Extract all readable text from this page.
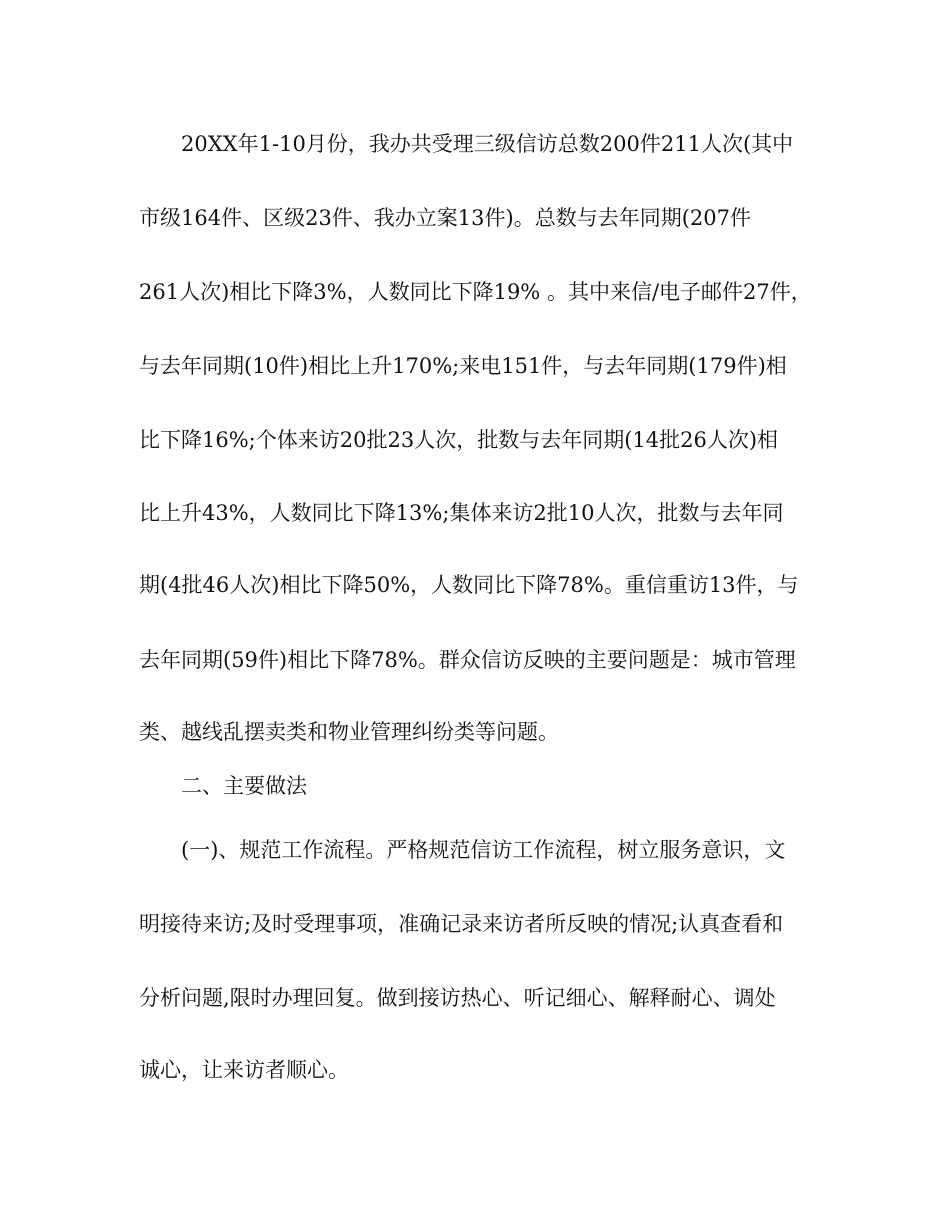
20XX年1-10月份，我办共受理三级信访总数200件211人次(其中
市级164件、区级23件、我办立案13件)。总数与去年同期(207件
261人次)相比下降3%，人数同比下降19% 。其中来信/电子邮件27件，
与去年同期(10件)相比上升170%;来电151件，与去年同期(179件)相
比下降16%;个体来访20批23人次，批数与去年同期(14批26人次)相
比上升43%，人数同比下降13%;集体来访2批10人次，批数与去年同
期(4批46人次)相比下降50%，人数同比下降78%。重信重访13件，与
去年同期(59件)相比下降78%。群众信访反映的主要问题是：城市管理
类、越线乱摆卖类和物业管理纠纷类等问题。
二、主要做法
(一)、规范工作流程。严格规范信访工作流程，树立服务意识，文
明接待来访;及时受理事项，准确记录来访者所反映的情况;认真查看和
分析问题,限时办理回复。做到接访热心、听记细心、解释耐心、调处
诚心，让来访者顺心。
